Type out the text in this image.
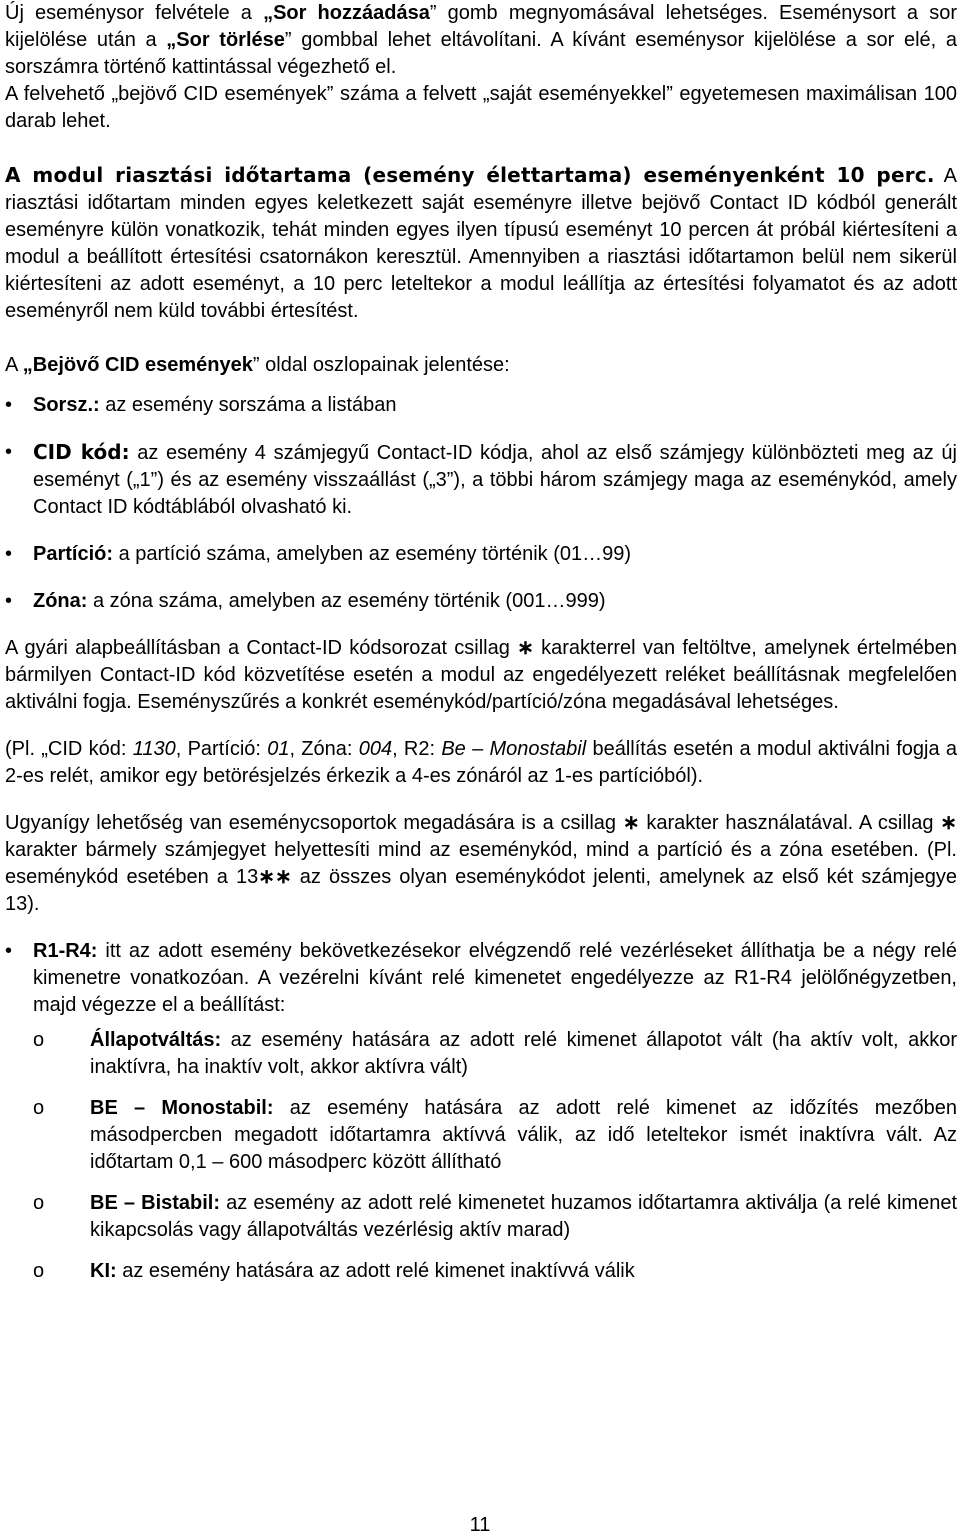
Új eseménysor felvétele a „Sor hozzáadása” gomb megnyomásával lehetséges. Eseménysort a sor kijelölése után a „Sor törlése” gombbal lehet eltávolítani. A kívánt eseménysor kijelölése a sor elé, a sorszámra történő kattintással végezhető el.

A felvehető „bejövő CID események” száma a felvett „saját eseményekkel” egyetemesen maximálisan 100 darab lehet.

A modul riasztási időtartama (esemény élettartama) eseményenként 10 perc. A riasztási időtartam minden egyes keletkezett saját eseményre illetve bejövő Contact ID kódból generált eseményre külön vonatkozik, tehát minden egyes ilyen típusú eseményt 10 percen át próbál kiértesíteni a modul a beállított értesítési csatornákon keresztül. Amennyiben a riasztási időtartamon belül nem sikerül kiértesíteni az adott eseményt, a 10 perc leteltekor a modul leállítja az értesítési folyamatot és az adott eseményről nem küld további értesítést.

A „Bejövő CID események” oldal oszlopainak jelentése:

• Sorsz.: az esemény sorszáma a listában
• CID kód: az esemény 4 számjegyű Contact-ID kódja, ahol az első számjegy különbözteti meg az új eseményt („1”) és az esemény visszaállást („3”), a többi három számjegy maga az eseménykód, amely Contact ID kódtáblából olvasható ki.
• Partíció: a partíció száma, amelyben az esemény történik (01…99)
• Zóna: a zóna száma, amelyben az esemény történik (001…999)

A gyári alapbeállításban a Contact-ID kódsorozat csillag ∗ karakterrel van feltöltve, amelynek értelmében bármilyen Contact-ID kód közvetítése esetén a modul az engedélyezett reléket beállításnak megfelelően aktiválni fogja. Eseményszűrés a konkrét eseménykód/partíció/zóna megadásával lehetséges.

(Pl. „CID kód: 1130, Partíció: 01, Zóna: 004, R2: Be – Monostabil beállítás esetén a modul aktiválni fogja a 2-es relét, amikor egy betörésjelzés érkezik a 4-es zónáról az 1-es partícióból).

Ugyanígy lehetőség van eseménycsoportok megadására is a csillag ∗ karakter használatával. A csillag ∗ karakter bármely számjegyet helyettesíti mind az eseménykód, mind a partíció és a zóna esetében. (Pl. eseménykód esetében a 13∗∗ az összes olyan eseménykódot jelenti, amelynek az első két számjegye 13).

• R1-R4: itt az adott esemény bekövetkezésekor elvégzendő relé vezérléseket állíthatja be a négy relé kimenetre vonatkozóan. A vezérelni kívánt relé kimenetet engedélyezze az R1-R4 jelölőnégyzetben, majd végezze el a beállítást:
o Állapotváltás: az esemény hatására az adott relé kimenet állapotot vált (ha aktív volt, akkor inaktívra, ha inaktív volt, akkor aktívra vált)
o BE – Monostabil: az esemény hatására az adott relé kimenet az időzítés mezőben másodpercben megadott időtartamra aktívvá válik, az idő leteltekor ismét inaktívra vált. Az időtartam 0,1 – 600 másodperc között állítható
o BE – Bistabil: az esemény az adott relé kimenetet huzamos időtartamra aktiválja (a relé kimenet kikapcsolás vagy állapotváltás vezérlésig aktív marad)
o KI: az esemény hatására az adott relé kimenet inaktívvá válik
11
